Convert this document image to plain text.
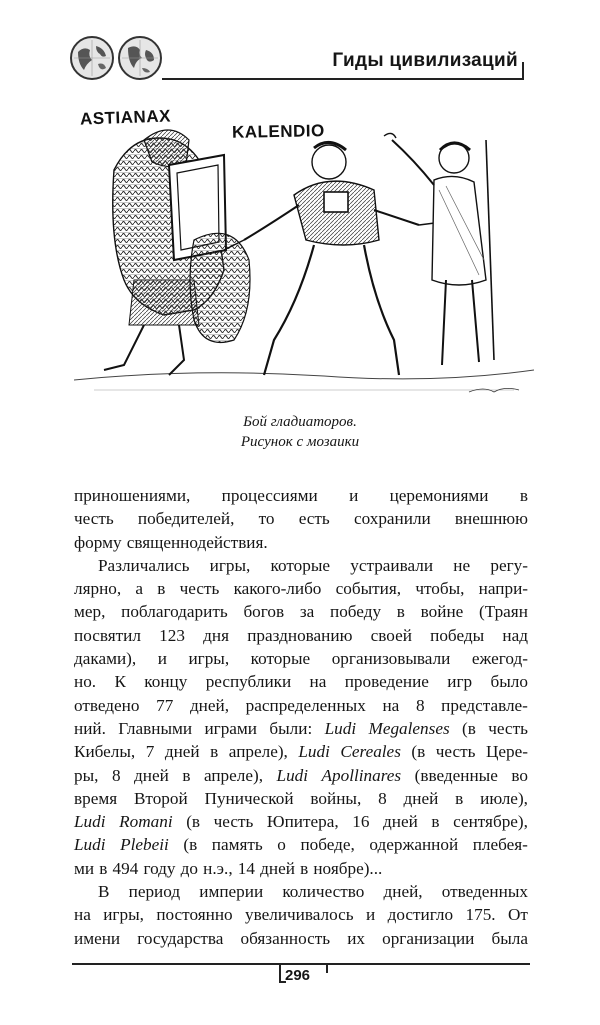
Гиды цивилизаций
ASTIANAX
KALENDIO
Бой гладиаторов.
Рисунок с мозаики
приношениями, процессиями и церемониями в
честь победителей, то есть сохранили внешнюю
форму священнодействия.
Различались игры, которые устраивали не регу-
лярно, а в честь какого-либо события, чтобы, напри-
мер, поблагодарить богов за победу в войне (Траян
посвятил 123 дня празднованию своей победы над
даками), и игры, которые организовывали ежегод-
но. К концу республики на проведение игр было
отведено 77 дней, распределенных на 8 представле-
ний. Главными играми были: Ludi Megalenses (в честь
Кибелы, 7 дней в апреле), Ludi Cereales (в честь Цере-
ры, 8 дней в апреле), Ludi Apollinares (введенные во
время Второй Пунической войны, 8 дней в июле),
Ludi Romani (в честь Юпитера, 16 дней в сентябре),
Ludi Plebeii (в память о победе, одержанной плебея-
ми в 494 году до н.э., 14 дней в ноябре)...
В период империи количество дней, отведенных
на игры, постоянно увеличивалось и достигло 175. От
имени государства обязанность их организации была
296
